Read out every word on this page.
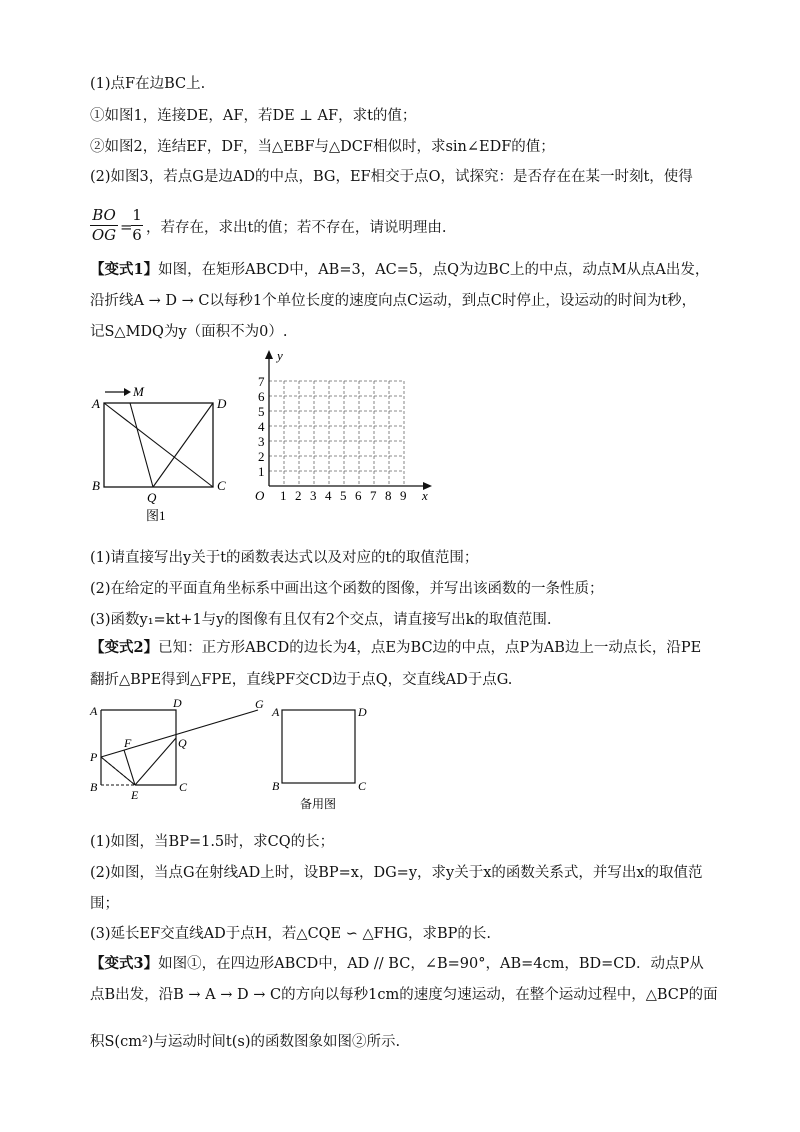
(1)点F在边BC上.
①如图1，连接DE，AF，若DE ⊥ AF，求t的值；
②如图2，连结EF，DF，当△EBF与△DCF相似时，求sin∠EDF的值；
(2)如图3，若点G是边AD的中点，BG，EF相交于点O，试探究：是否存在在某一时刻t，使得
$\frac{BO}{OG}$ =
$\frac{1}{6}$ ，若存在，求出t的值；若不存在，请说明理由.
【变式1】如图，在矩形ABCD中，AB=3，AC=5，点Q为边BC上的中点，动点M从点A出发，
沿折线A → D → C以每秒1个单位长度的速度向点C运动，到点C时停止，设运动的时间为t秒，
记S△MDQ为y（面积不为0）.
A	D
B	C
Q
M
图1
y
x
O 1 2 3 4 5 6 7 8 9
1
2
3
4
5
6
7
(1)请直接写出y关于t的函数表达式以及对应的t的取值范围；
(2)在给定的平面直角坐标系中画出这个函数的图像，并写出该函数的一条性质；
(3)函数y₁=kt+1与y的图像有且仅有2个交点，请直接写出k的取值范围.
【变式2】已知：正方形ABCD的边长为4，点E为BC边的中点，点P为AB边上一动点长，沿PE
翻折△BPE得到△FPE，直线PF交CD边于点Q，交直线AD于点G.
A
D	G
P
F	Q
B
E
C
A	D
B	C
备用图
(1)如图，当BP=1.5时，求CQ的长；
(2)如图，当点G在射线AD上时，设BP=x，DG=y，求y关于x的函数关系式，并写出x的取值范
围；
(3)延长EF交直线AD于点H，若△CQE ∽ △FHG，求BP的长.
【变式3】如图①，在四边形ABCD中，AD // BC，∠B=90°，AB=4cm，BD=CD．动点P从
点B出发，沿B → A → D → C的方向以每秒1cm的速度匀速运动，在整个运动过程中，△BCP的面
积S(cm²)与运动时间t(s)的函数图象如图②所示.
